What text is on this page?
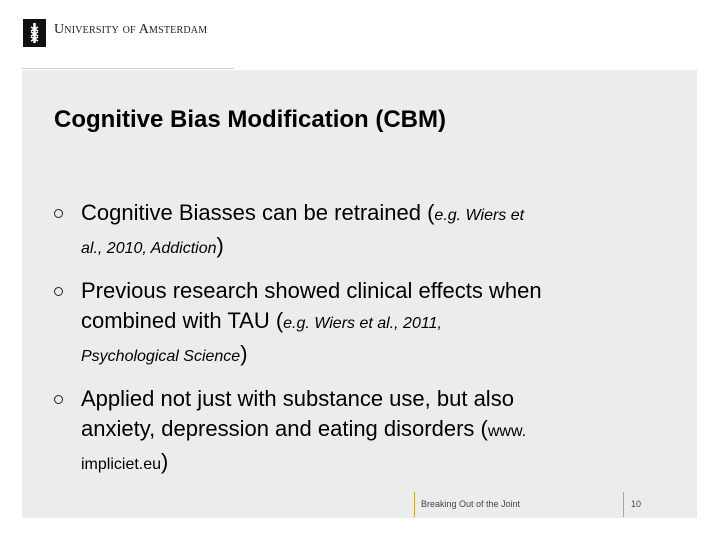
University of Amsterdam
Cognitive Bias Modification (CBM)
Cognitive Biasses can be retrained (e.g. Wiers et
al., 2010, Addiction)
Previous research showed clinical effects when
combined with TAU (e.g. Wiers et al., 2011,
Psychological Science)
Applied not just with substance use, but also
anxiety, depression and eating disorders (www.
impliciet.eu)
Breaking Out of the Joint	10
